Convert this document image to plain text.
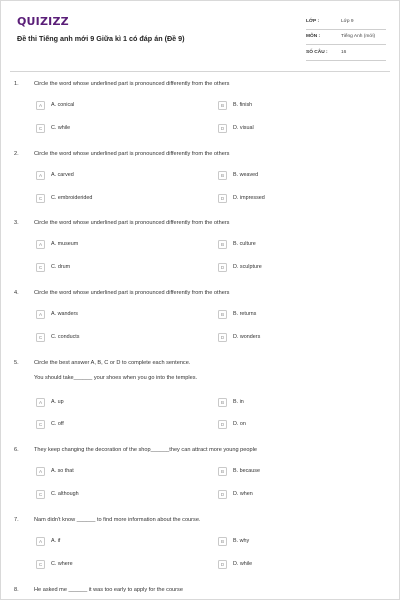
QUIZIZZ
Đề thi Tiếng anh mới 9 Giữa kì 1 có đáp án (Đề 9)
LỚP :	Lớp 9
MÔN :	Tiếng Anh (mới)
SỐ CÂU :	16
1.	Circle the word whose underlined part is pronounced differently from the others
A	A. conical	B	B. finish
C	C. while	D	D. visual
2.	Circle the word whose underlined part is pronounced differently from the others
A	A. carved	B	B. weaved
C	C. embroiderided	D	D. impressed
3.	Circle the word whose underlined part is pronounced differently from the others
A	A. museum	B	B. culture
C	C. drum	D	D. sculpture
4.	Circle the word whose underlined part is pronounced differently from the others
A	A. wanders	B	B. returns
C	C. conducts	D	D. wonders
5.	Circle the best answer A, B, C or D to complete each sentence.
You should take______ your shoes when you go into the temples.
A	A. up	B	B. in
C	C. off	D	D. on
6.	They keep changing the decoration of the shop______they can attract more young people
A	A. so that	B	B. because
C	C. although	D	D. when
7.	Nam didn't know ______ to find more information about the course.
A	A. if	B	B. why
C	C. where	D	D. while
8.	He asked me ______ it was too early to apply for the course
